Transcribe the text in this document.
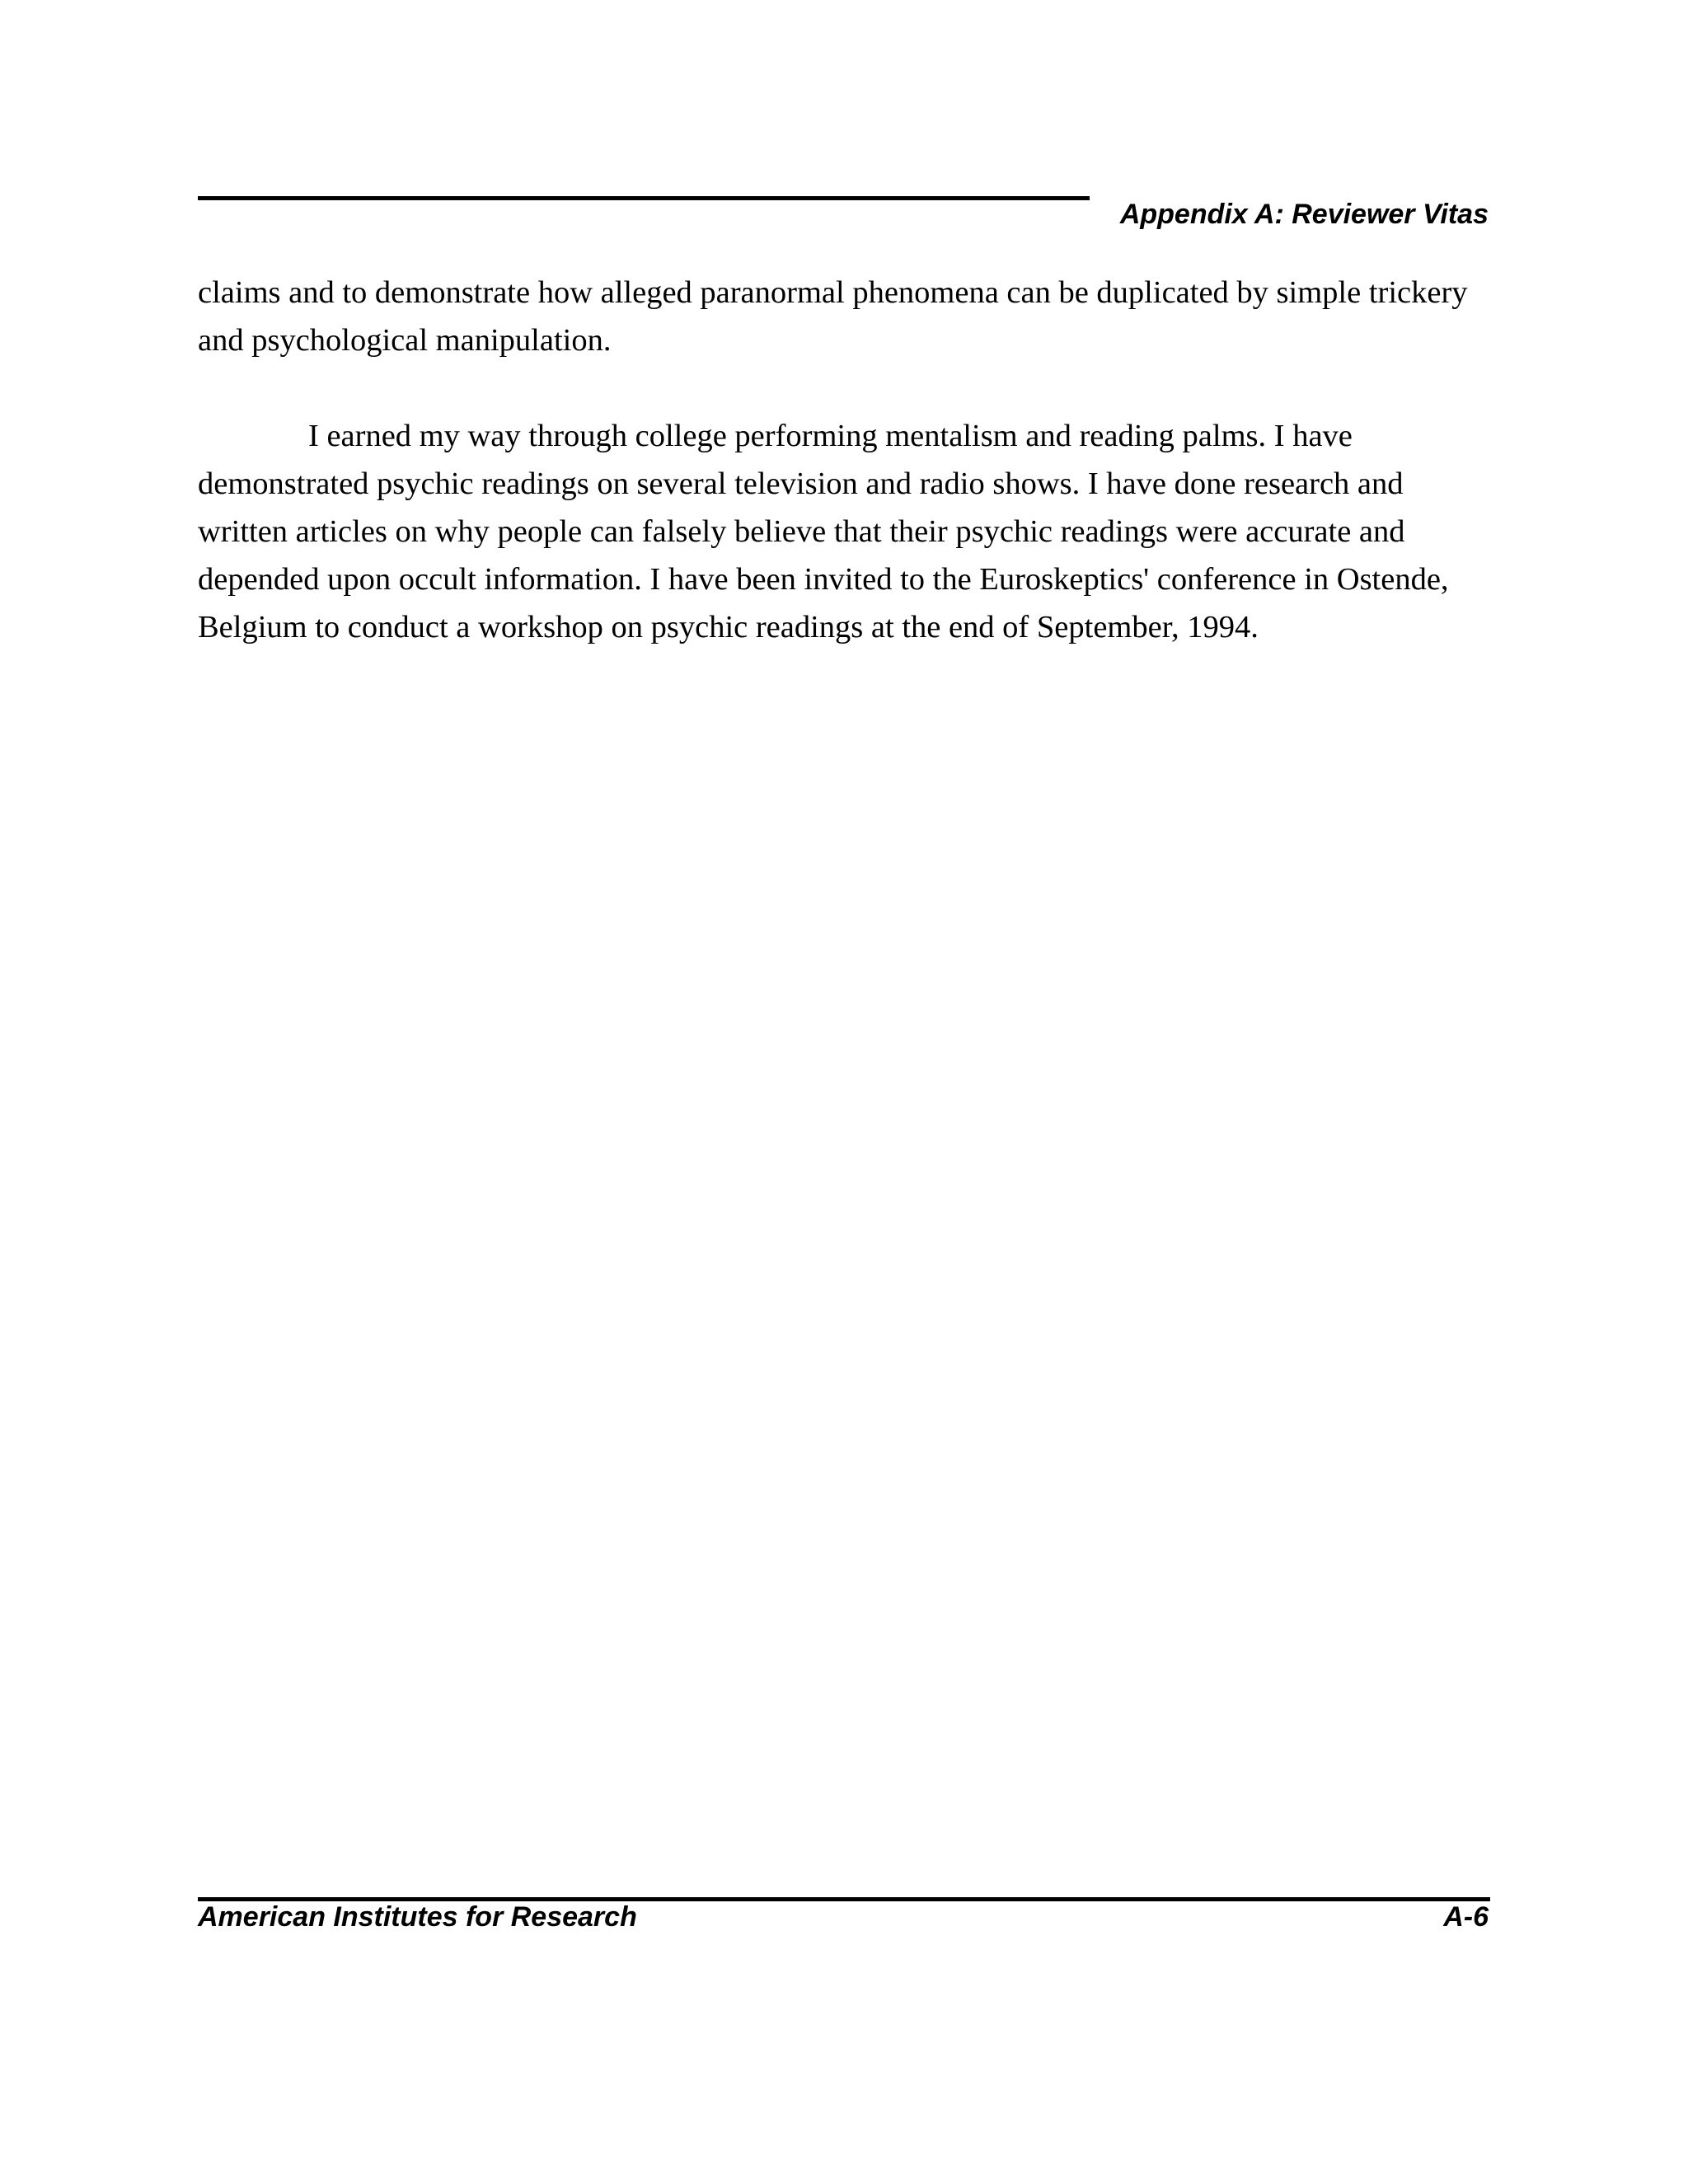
Appendix A: Reviewer Vitas

claims and to demonstrate how alleged paranormal phenomena can be duplicated by simple trickery and psychological manipulation.

I earned my way through college performing mentalism and reading palms. I have demonstrated psychic readings on several television and radio shows. I have done research and written articles on why people can falsely believe that their psychic readings were accurate and depended upon occult information. I have been invited to the Euroskeptics' conference in Ostende, Belgium to conduct a workshop on psychic readings at the end of September, 1994.

American Institutes for Research	A-6
